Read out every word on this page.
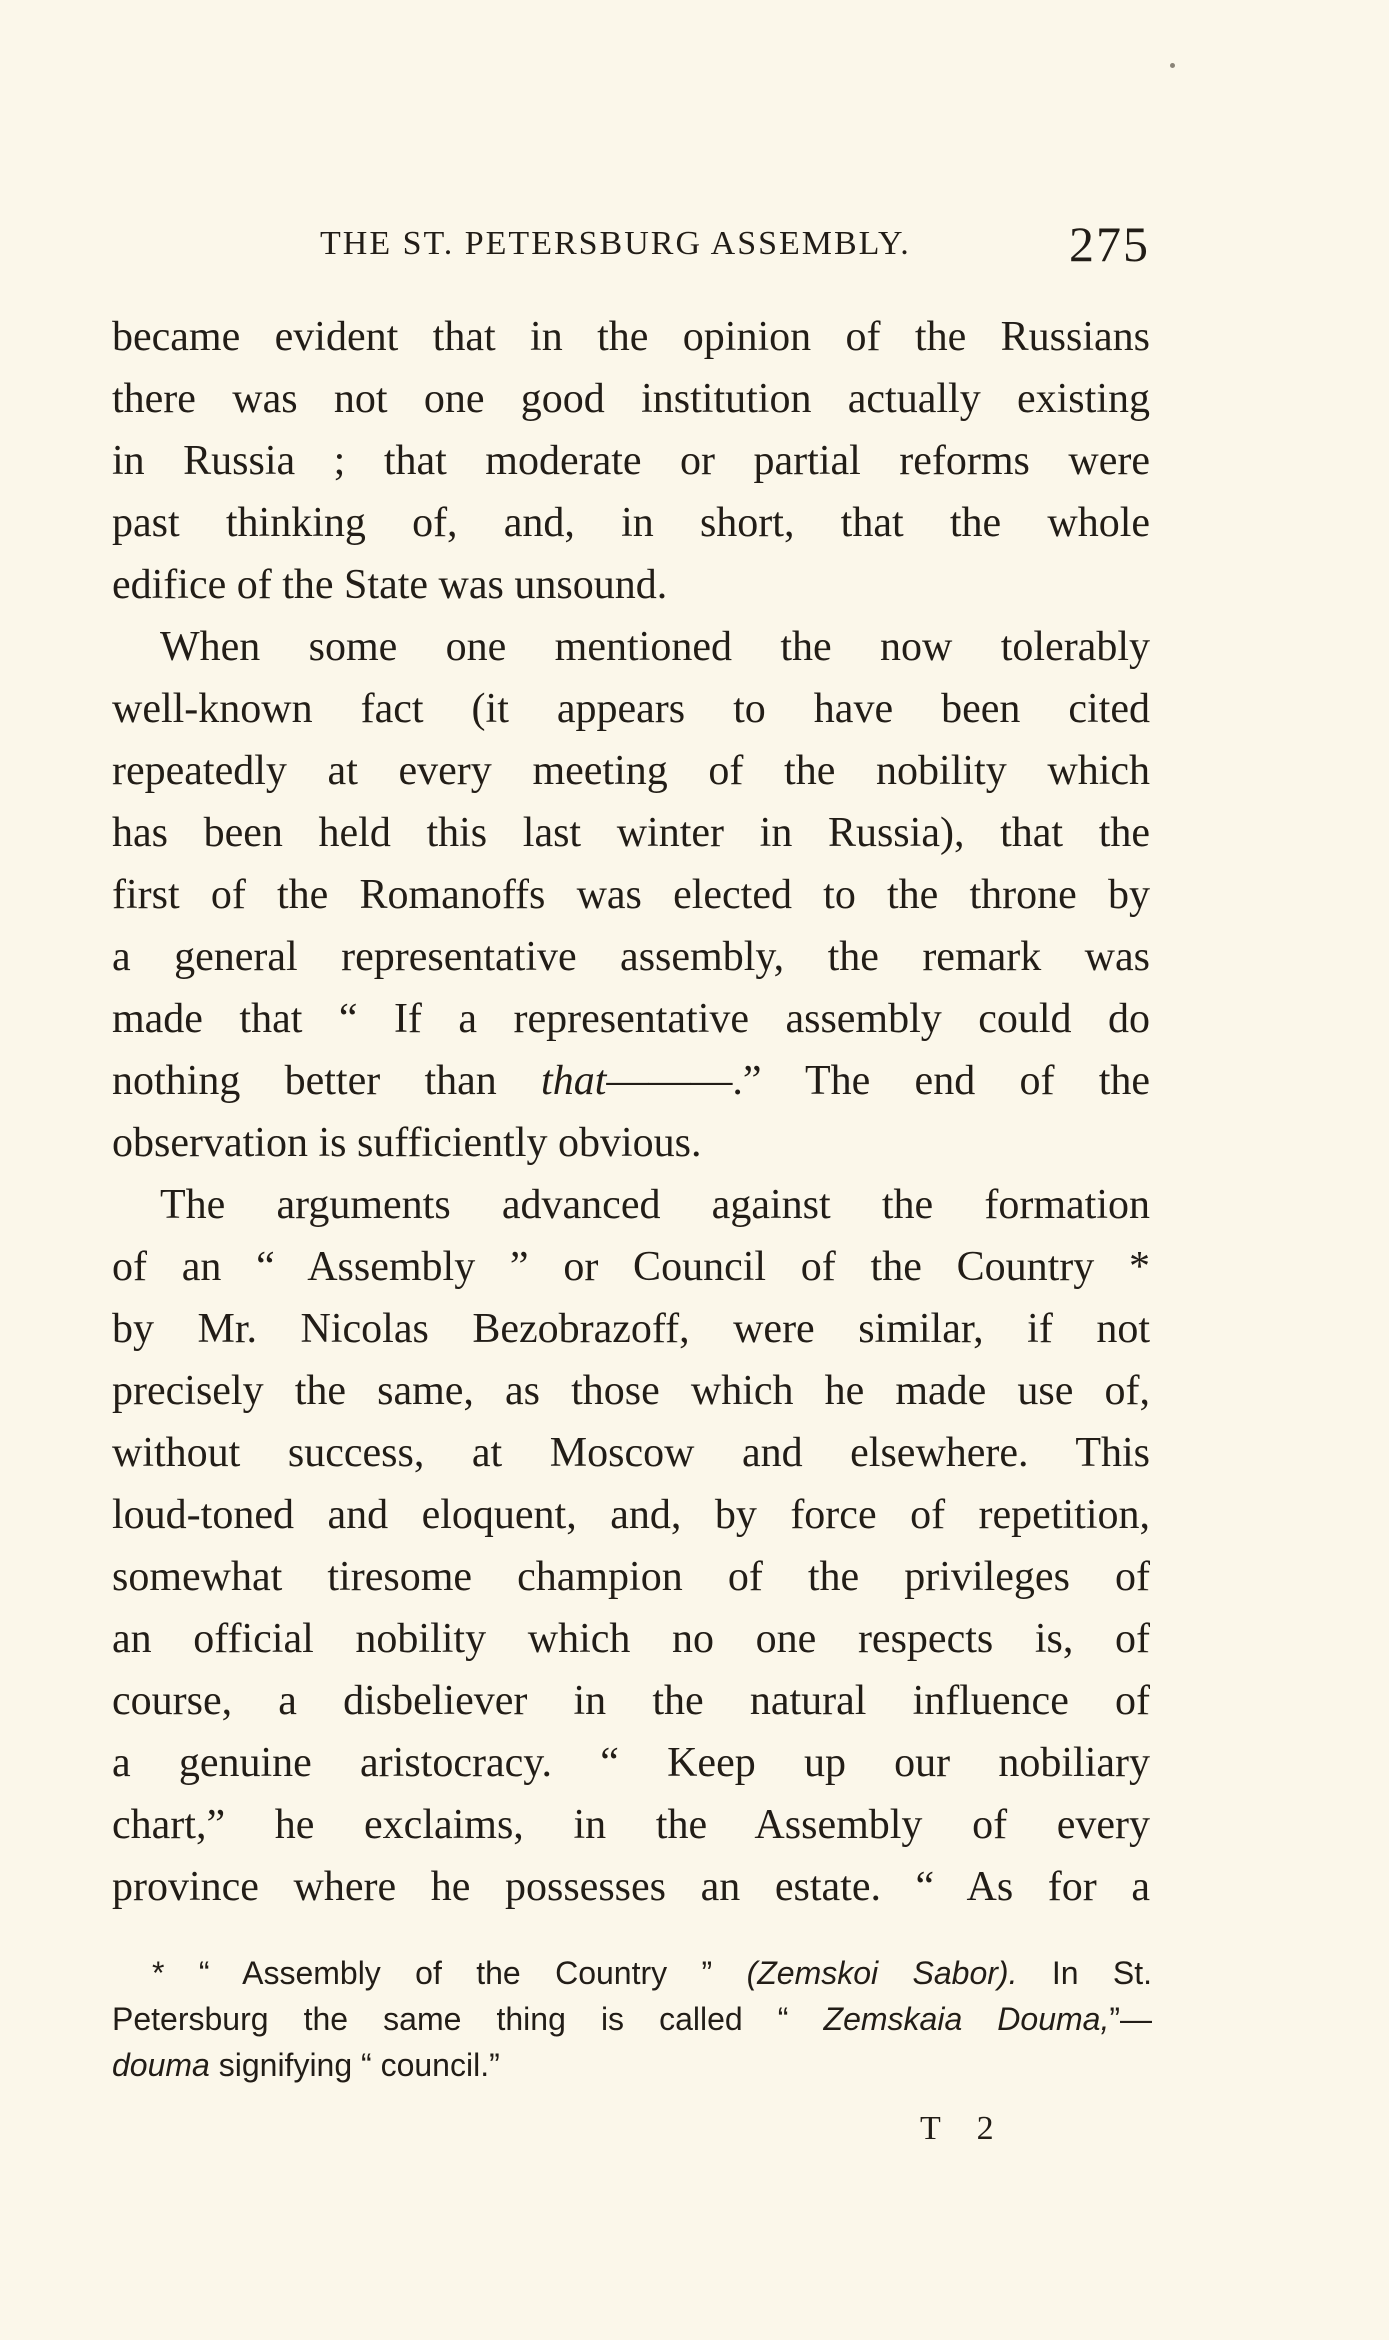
THE ST. PETERSBURG ASSEMBLY.	275
became evident that in the opinion of the Russians
there was not one good institution actually existing
in Russia ; that moderate or partial reforms were
past thinking of, and, in short, that the whole
edifice of the State was unsound.
When some one mentioned the now tolerably
well-known fact (it appears to have been cited
repeatedly at every meeting of the nobility which
has been held this last winter in Russia), that the
first of the Romanoffs was elected to the throne by
a general representative assembly, the remark was
made that “ If a representative assembly could do
nothing better than that———.” The end of the
observation is sufficiently obvious.
The arguments advanced against the formation
of an “ Assembly ” or Council of the Country *
by Mr. Nicolas Bezobrazoff, were similar, if not
precisely the same, as those which he made use of,
without success, at Moscow and elsewhere. This
loud-toned and eloquent, and, by force of repetition,
somewhat tiresome champion of the privileges of
an official nobility which no one respects is, of
course, a disbeliever in the natural influence of
a genuine aristocracy. “ Keep up our nobiliary
chart,” he exclaims, in the Assembly of every
province where he possesses an estate. “ As for a
* “ Assembly of the Country ” (Zemskoi Sabor). In St.
Petersburg the same thing is called “ Zemskaia Douma,”—
douma signifying “ council.”
T 2
